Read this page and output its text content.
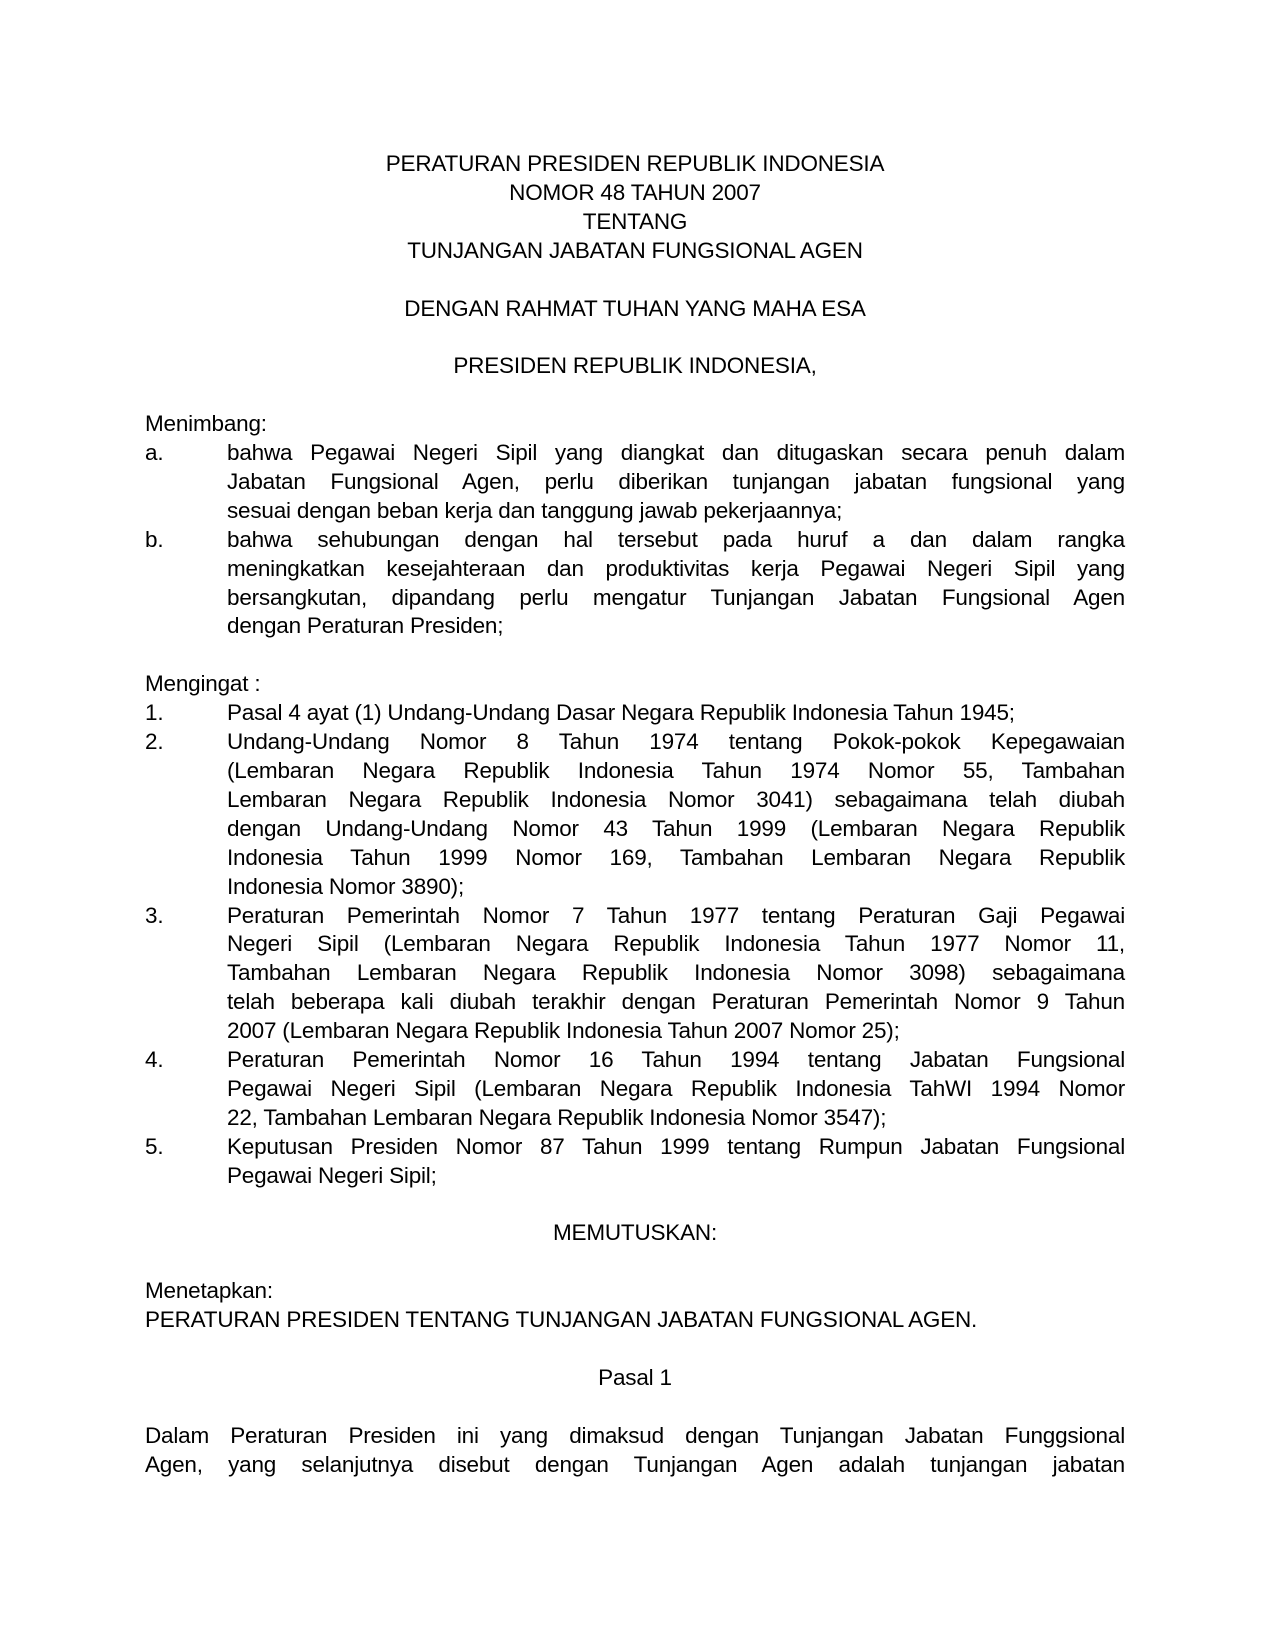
PERATURAN PRESIDEN REPUBLIK INDONESIA
NOMOR 48 TAHUN 2007
TENTANG
TUNJANGAN JABATAN FUNGSIONAL AGEN
DENGAN RAHMAT TUHAN YANG MAHA ESA
PRESIDEN REPUBLIK INDONESIA,
Menimbang:
a.	bahwa Pegawai Negeri Sipil yang diangkat dan ditugaskan secara penuh dalam
Jabatan Fungsional Agen, perlu diberikan tunjangan jabatan fungsional yang
sesuai dengan beban kerja dan tanggung jawab pekerjaannya;
b.	bahwa sehubungan dengan hal tersebut pada huruf a dan dalam rangka
meningkatkan kesejahteraan dan produktivitas kerja Pegawai Negeri Sipil yang
bersangkutan, dipandang perlu mengatur Tunjangan Jabatan Fungsional Agen
dengan Peraturan Presiden;
Mengingat :
1.	Pasal 4 ayat (1) Undang-Undang Dasar Negara Republik Indonesia Tahun 1945;
2.	Undang-Undang Nomor 8 Tahun 1974 tentang Pokok-pokok Kepegawaian
(Lembaran Negara Republik Indonesia Tahun 1974 Nomor 55, Tambahan
Lembaran Negara Republik Indonesia Nomor 3041) sebagaimana telah diubah
dengan Undang-Undang Nomor 43 Tahun 1999 (Lembaran Negara Republik
Indonesia Tahun 1999 Nomor 169, Tambahan Lembaran Negara Republik
Indonesia Nomor 3890);
3.	Peraturan Pemerintah Nomor 7 Tahun 1977 tentang Peraturan Gaji Pegawai
Negeri Sipil (Lembaran Negara Republik Indonesia Tahun 1977 Nomor 11,
Tambahan Lembaran Negara Republik Indonesia Nomor 3098) sebagaimana
telah beberapa kali diubah terakhir dengan Peraturan Pemerintah Nomor 9 Tahun
2007 (Lembaran Negara Republik Indonesia Tahun 2007 Nomor 25);
4.	Peraturan Pemerintah Nomor 16 Tahun 1994 tentang Jabatan Fungsional
Pegawai Negeri Sipil (Lembaran Negara Republik Indonesia TahWI 1994 Nomor
22, Tambahan Lembaran Negara Republik Indonesia Nomor 3547);
5.	Keputusan Presiden Nomor 87 Tahun 1999 tentang Rumpun Jabatan Fungsional
Pegawai Negeri Sipil;
MEMUTUSKAN:
Menetapkan:
PERATURAN PRESIDEN TENTANG TUNJANGAN JABATAN FUNGSIONAL AGEN.
Pasal 1
Dalam Peraturan Presiden ini yang dimaksud dengan Tunjangan Jabatan Funggsional
Agen, yang selanjutnya disebut dengan Tunjangan Agen adalah tunjangan jabatan
